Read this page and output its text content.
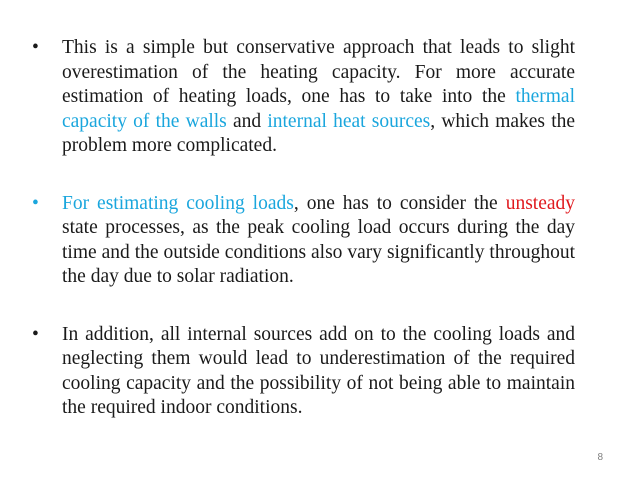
• This is a simple but conservative approach that leads to slight overestimation of the heating capacity. For more accurate estimation of heating loads, one has to take into the thermal capacity of the walls and internal heat sources, which makes the problem more complicated.
• For estimating cooling loads, one has to consider the unsteady state processes, as the peak cooling load occurs during the day time and the outside conditions also vary significantly throughout the day due to solar radiation.
• In addition, all internal sources add on to the cooling loads and neglecting them would lead to underestimation of the required cooling capacity and the possibility of not being able to maintain the required indoor conditions.
8
